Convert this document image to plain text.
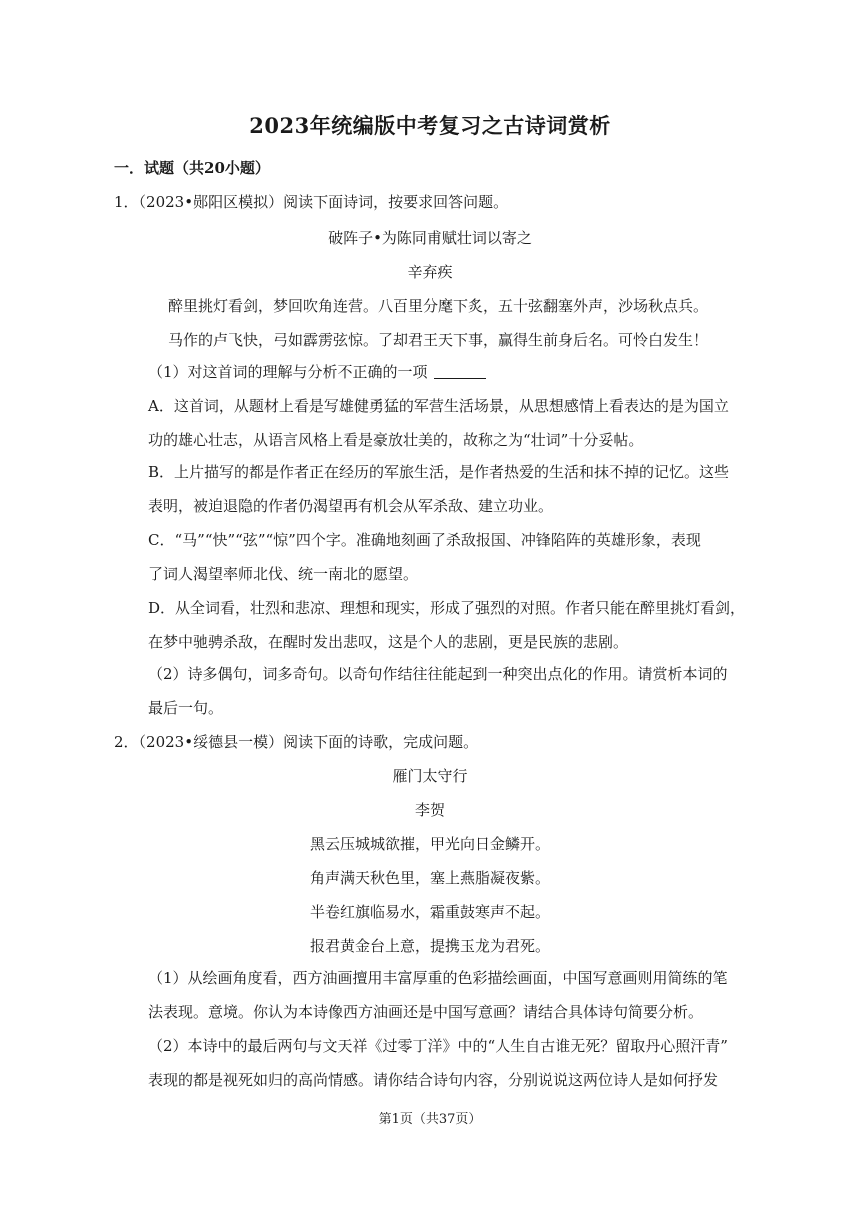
2023年统编版中考复习之古诗词赏析
一．试题（共20小题）
1．（2023•郧阳区模拟）阅读下面诗词，按要求回答问题。
破阵子•为陈同甫赋壮词以寄之
辛弃疾
醉里挑灯看剑，梦回吹角连营。八百里分麾下炙，五十弦翻塞外声，沙场秋点兵。
马作的卢飞快，弓如霹雳弦惊。了却君王天下事，赢得生前身后名。可怜白发生！
（1）对这首词的理解与分析不正确的一项
A．这首词，从题材上看是写雄健勇猛的军营生活场景，从思想感情上看表达的是为国立
功的雄心壮志，从语言风格上看是豪放壮美的，故称之为“壮词”十分妥帖。
B．上片描写的都是作者正在经历的军旅生活，是作者热爱的生活和抹不掉的记忆。这些
表明，被迫退隐的作者仍渴望再有机会从军杀敌、建立功业。
C．“马”“快”“弦”“惊”四个字。准确地刻画了杀敌报国、冲锋陷阵的英雄形象，表现
了词人渴望率师北伐、统一南北的愿望。
D．从全词看，壮烈和悲凉、理想和现实，形成了强烈的对照。作者只能在醉里挑灯看剑，
在梦中驰骋杀敌，在醒时发出悲叹，这是个人的悲剧，更是民族的悲剧。
（2）诗多偶句，词多奇句。以奇句作结往往能起到一种突出点化的作用。请赏析本词的
最后一句。
2．（2023•绥德县一模）阅读下面的诗歌，完成问题。
雁门太守行
李贺
黑云压城城欲摧，甲光向日金鳞开。
角声满天秋色里，塞上燕脂凝夜紫。
半卷红旗临易水，霜重鼓寒声不起。
报君黄金台上意，提携玉龙为君死。
（1）从绘画角度看，西方油画擅用丰富厚重的色彩描绘画面，中国写意画则用简练的笔
法表现。意境。你认为本诗像西方油画还是中国写意画？请结合具体诗句简要分析。
（2）本诗中的最后两句与文天祥《过零丁洋》中的“人生自古谁无死？留取丹心照汗青”
表现的都是视死如归的高尚情感。请你结合诗句内容，分别说说这两位诗人是如何抒发
第1页（共37页）
